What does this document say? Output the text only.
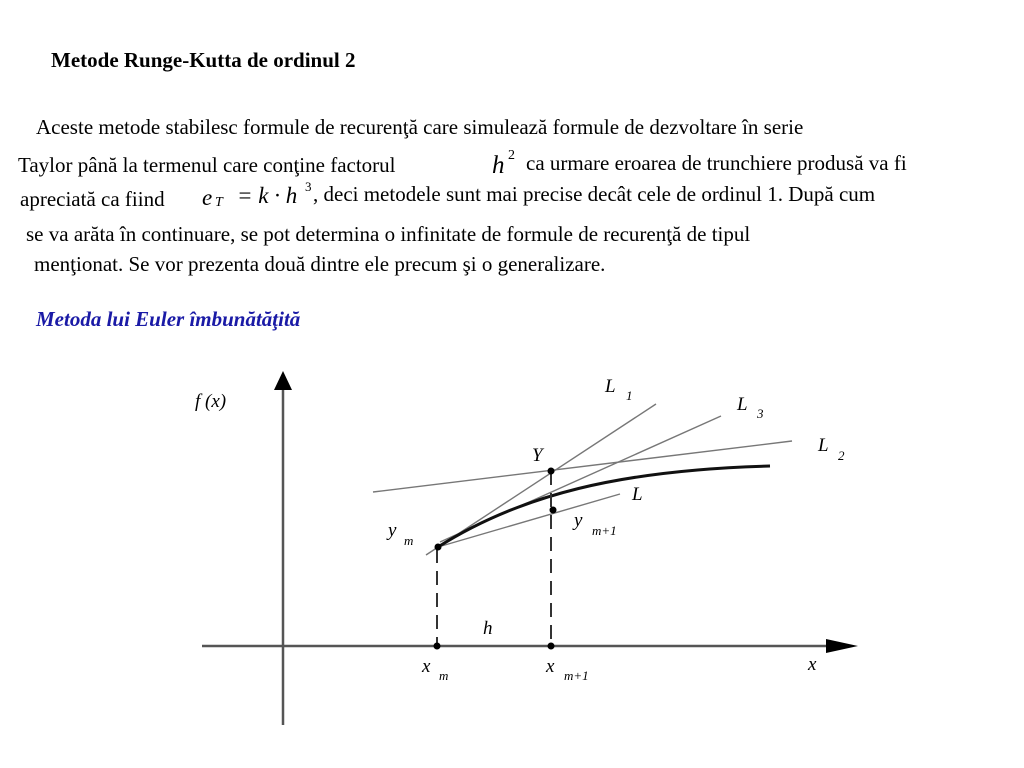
Metode Runge-Kutta de ordinul 2
Aceste metode stabilesc formule de recurenţă care simulează formule de dezvoltare în serie
Taylor până la termenul care conţine factorul	h 2 ca urmare eroarea de trunchiere produsă va fi
apreciată ca fiind e T = k · h 3 , deci metodele sunt mai precise decât cele de ordinul 1. După cum
se va arăta în continuare, se pot determina o infinitate de formule de recurenţă de tipul
menţionat. Se vor prezenta două dintre ele precum şi o generalizare.
Metoda lui Euler îmbunătăţită
f (x)
x
L 1	L 3
L 2
L
Y
y m
y m+1
h
x m	x m+1
